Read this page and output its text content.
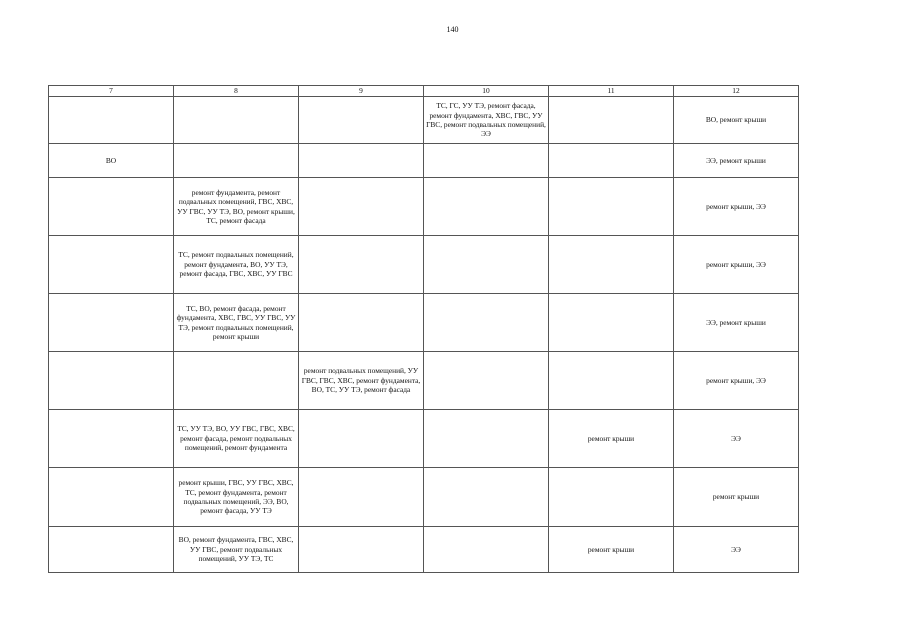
140
7	8	9	10	11	12
			ТС, ГС, УУ ТЭ, ремонт фасада, ремонт фундамента, ХВС, ГВС, УУ ГВС, ремонт подвальных помещений, ЭЭ		ВО, ремонт крыши
ВО					ЭЭ, ремонт крыши
	ремонт фундамента, ремонт подвальных помещений, ГВС, ХВС, УУ ГВС, УУ ТЭ, ВО, ремонт крыши, ТС, ремонт фасада				ремонт крыши, ЭЭ
	ТС, ремонт подвальных помещений, ремонт фундамента, ВО, УУ ТЭ, ремонт фасада, ГВС, ХВС, УУ ГВС				ремонт крыши, ЭЭ
	ТС, ВО, ремонт фасада, ремонт фундамента, ХВС, ГВС, УУ ГВС, УУ ТЭ, ремонт подвальных помещений, ремонт крыши				ЭЭ, ремонт крыши
		ремонт подвальных помещений, УУ ГВС, ГВС, ХВС, ремонт фундамента, ВО, ТС, УУ ТЭ, ремонт фасада			ремонт крыши, ЭЭ
	ТС, УУ ТЭ, ВО, УУ ГВС, ГВС, ХВС, ремонт фасада, ремонт подвальных помещений, ремонт фундамента			ремонт крыши	ЭЭ
	ремонт крыши, ГВС, УУ ГВС, ХВС, ТС, ремонт фундамента, ремонт подвальных помещений, ЭЭ, ВО, ремонт фасада, УУ ТЭ				ремонт крыши
	ВО, ремонт фундамента, ГВС, ХВС, УУ ГВС, ремонт подвальных помещений, УУ ТЭ, ТС			ремонт крыши	ЭЭ
